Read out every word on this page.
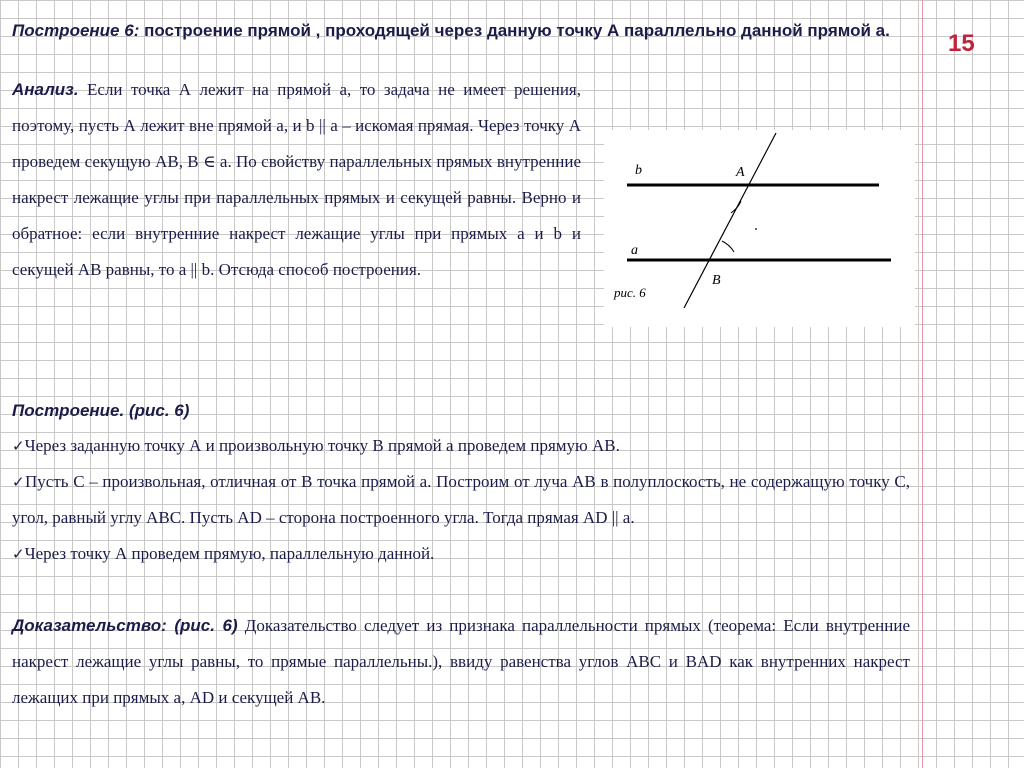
15
Построение 6: построение прямой , проходящей через данную точку А параллельно данной прямой а.
Анализ. Если точка А лежит на прямой а, то задача не имеет решения, поэтому, пусть А лежит вне прямой а, и b || a – искомая прямая. Через точку А проведем секущую АВ, В ∈ а. По свойству параллельных прямых внутренние накрест лежащие углы при параллельных прямых и секущей равны. Верно и обратное: если внутренние накрест лежащие углы при прямых a и b и секущей АВ равны, то a || b. Отсюда способ построения.
b
a
A
B
рис. 6
Построение. (рис. 6)
✓Через заданную точку А и произвольную точку В прямой а проведем прямую АВ.
✓Пусть С – произвольная, отличная от В точка прямой а. Построим от луча АВ в полуплоскость, не содержащую точку С, угол, равный углу АВС. Пусть AD – сторона построенного угла. Тогда прямая AD || a.
✓Через точку А проведем прямую, параллельную данной.
Доказательство: (рис. 6) Доказательство следует из признака параллельности прямых (теорема: Если внутренние накрест лежащие углы равны, то прямые параллельны.), ввиду равенства углов АВС и BAD как внутренних накрест лежащих при прямых а, AD и секущей АВ.
